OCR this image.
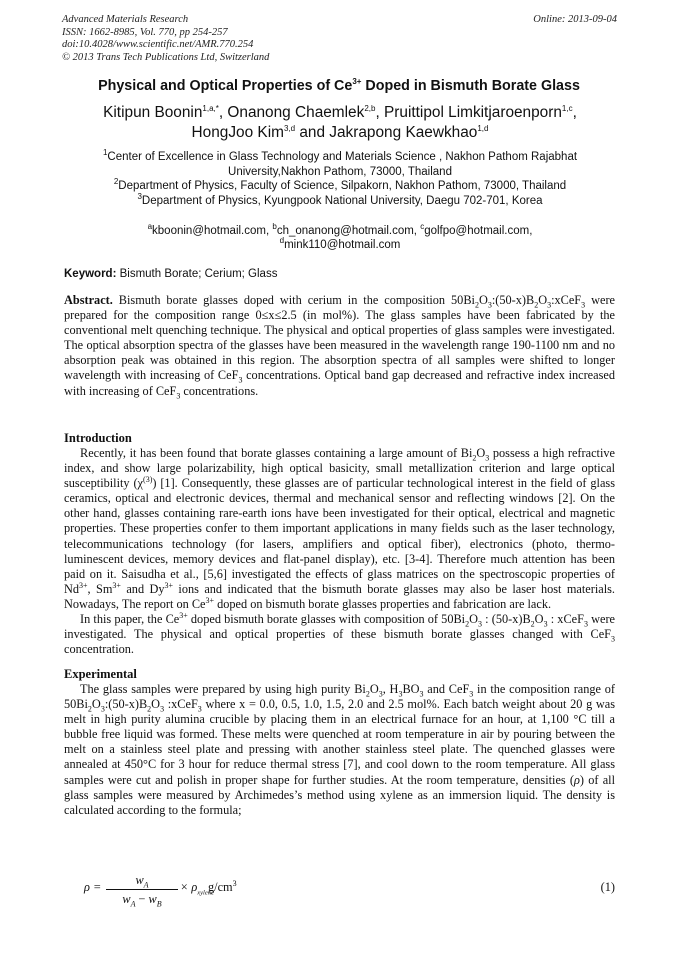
Advanced Materials Research
ISSN: 1662-8985, Vol. 770, pp 254-257
doi:10.4028/www.scientific.net/AMR.770.254
© 2013 Trans Tech Publications Ltd, Switzerland
Online: 2013-09-04
Physical and Optical Properties of $Ce^{3+}$ Doped in Bismuth Borate Glass
Kitipun Boonin$^{1,a,*}$, Onanong Chaemlek$^{2,b}$, Pruittipol Limkitjaroenporn$^{1,c}$,
HongJoo Kim$^{3,d}$ and Jakrapong Kaewkhao$^{1,d}$
$^1$Center of Excellence in Glass Technology and Materials Science , Nakhon Pathom Rajabhat
University,Nakhon Pathom, 73000, Thailand
$^2$Department of Physics, Faculty of Science, Silpakorn, Nakhon Pathom, 73000, Thailand
$^3$Department of Physics, Kyungpook National University, Daegu 702-701, Korea
$^a$kboonin@hotmail.com, $^b$ch_onanong@hotmail.com, $^c$golfpo@hotmail.com,
$^d$mink110@hotmail.com
Keyword: Bismuth Borate; Cerium; Glass

Abstract. Bismuth borate glasses doped with cerium in the composition $50Bi_2O_3:(50-x)B_2O_3:xCeF_3$ were prepared for the composition range 0≤x≤2.5 (in mol%). The glass samples have been fabricated by the conventional melt quenching technique. The physical and optical properties of glass samples were investigated. The optical absorption spectra of the glasses have been measured in the wavelength range 190-1100 nm and no absorption peak was obtained in this region. The absorption spectra of all samples were shifted to longer wavelength with increasing of CeF$_3$ concentrations. Optical band gap decreased and refractive index increased with increasing of CeF$_3$ concentrations.

Introduction

Recently, it has been found that borate glasses containing a large amount of $Bi_2O_3$ possess a high refractive index, and show large polarizability, high optical basicity, small metallization criterion and large optical susceptibility $(\chi^{(3)})$ [1]. Consequently, these glasses are of particular technological interest in the field of glass ceramics, optical and electronic devices, thermal and mechanical sensor and reflecting windows [2]. On the other hand, glasses containing rare-earth ions have been investigated for their optical, electrical and magnetic properties. These properties confer to them important applications in many fields such as the laser technology, telecommunications technology (for lasers, amplifiers and optical fiber), electronics (photo, thermo-luminescent devices, memory devices and flat-panel display), etc. [3-4]. Therefore much attention has been paid on it. Saisudha et al., [5,6] investigated the effects of glass matrices on the spectroscopic properties of $Nd^{3+}$, $Sm^{3+}$ and $Dy^{3+}$ ions and indicated that the bismuth borate glasses may also be laser host materials. Nowadays, The report on $Ce^{3+}$ doped on bismuth borate glasses properties and fabrication are lack.

In this paper, the $Ce^{3+}$ doped bismuth borate glasses with composition of $50Bi_2O_3$ : $(50-x)B_2O_3$ : xCeF$_3$ were investigated. The physical and optical properties of these bismuth borate glasses changed with CeF$_3$ concentration.

Experimental

The glass samples were prepared by using high purity $Bi_2O_3$, $H_3BO_3$ and CeF$_3$ in the composition range of $50Bi_2O_3:(50-x)B_2O_3$ :xCeF$_3$ where x = 0.0, 0.5, 1.0, 1.5, 2.0 and 2.5 mol%. Each batch weight about 20 g was melt in high purity alumina crucible by placing them in an electrical furnace for an hour, at 1,100 °C till a bubble free liquid was formed. These melts were quenched at room temperature in air by pouring between the melt on a stainless steel plate and pressing with another stainless steel plate. The quenched glasses were annealed at 450°C for 3 hour for reduce thermal stress [7], and cool down to the room temperature. All glass samples were cut and polish in proper shape for further studies. At the room temperature, densities (ρ) of all glass samples were measured by Archimedes’s method using xylene as an immersion liquid. The density is calculated according to the formula;

ρ =	$w_A$
$w_A - w_B$
× $\rho_{xylene}$
$g/cm^3$	(1)
